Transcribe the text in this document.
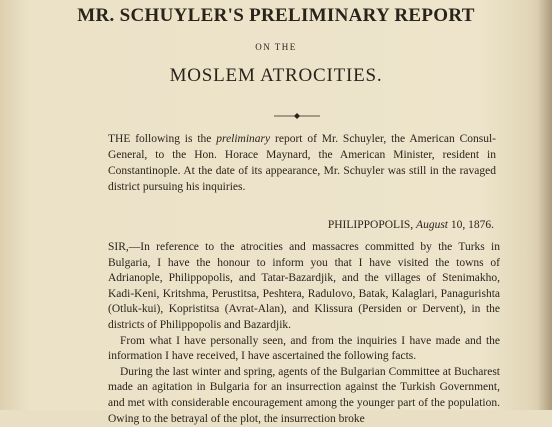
MR. SCHUYLER'S PRELIMINARY REPORT
ON THE
MOSLEM ATROCITIES.
THE following is the preliminary report of Mr. Schuyler, the American Consul-General, to the Hon. Horace Maynard, the American Minister, resident in Constantinople. At the date of its appearance, Mr. Schuyler was still in the ravaged district pursuing his inquiries.
PHILIPPOPOLIS, August 10, 1876.

SIR,—In reference to the atrocities and massacres committed by the Turks in Bulgaria, I have the honour to inform you that I have visited the towns of Adrianople, Philippopolis, and Tatar-Bazardjik, and the villages of Stenimakho, Kadi-Keni, Kritshma, Perustitsa, Peshtera, Radulovo, Batak, Kalaglari, Panagurishta (Otluk-kui), Kopristitsa (Avrat-Alan), and Klissura (Persiden or Dervent), in the districts of Philippopolis and Bazardjik.

From what I have personally seen, and from the inquiries I have made and the information I have received, I have ascertained the following facts.

During the last winter and spring, agents of the Bulgarian Committee at Bucharest made an agitation in Bulgaria for an insurrection against the Turkish Government, and met with considerable encouragement among the younger part of the population. Owing to the betrayal of the plot, the insurrection broke
